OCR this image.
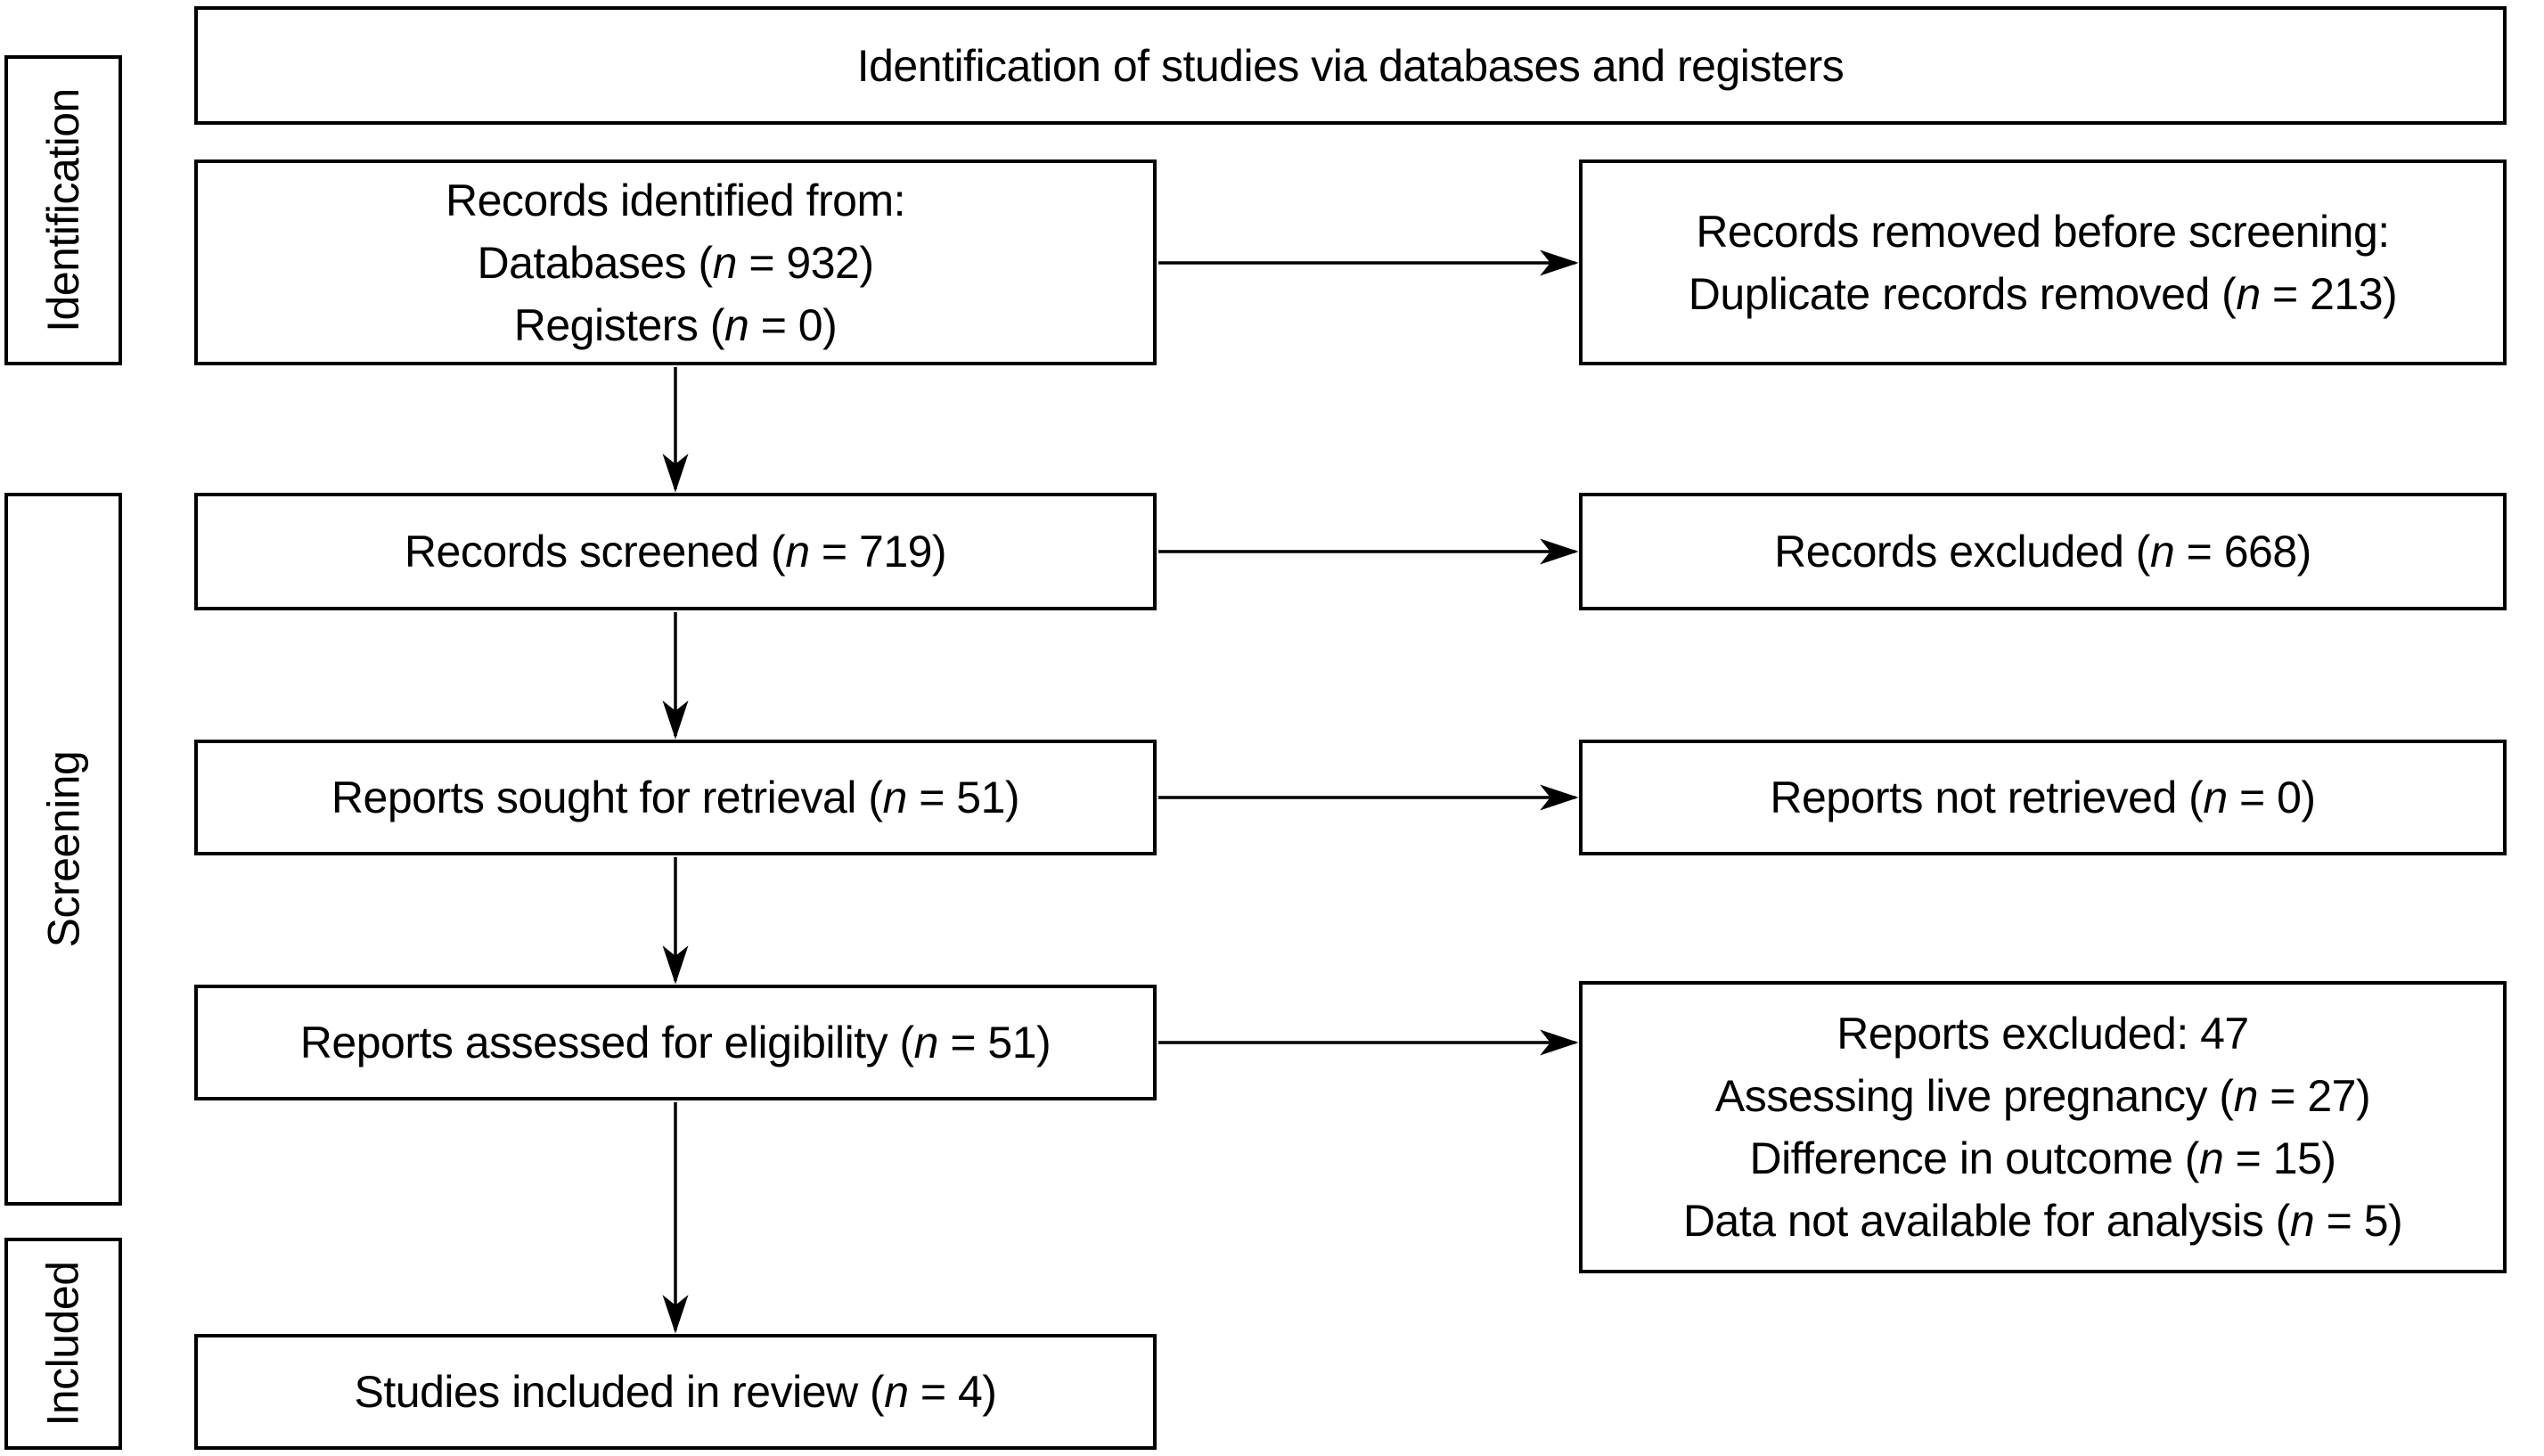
Identification of studies via databases and registers
Identification
Screening
Included
Records identified from:
Databases (n = 932)
Registers (n = 0)
Records removed before screening:
Duplicate records removed (n = 213)
Records screened (n = 719)	Records excluded (n = 668)
Reports sought for retrieval (n = 51)	Reports not retrieved (n = 0)
Reports assessed for eligibility (n = 51)	Reports excluded: 47
Assessing live pregnancy (n = 27)
Difference in outcome (n = 15)
Data not available for analysis (n = 5)
Studies included in review (n = 4)
